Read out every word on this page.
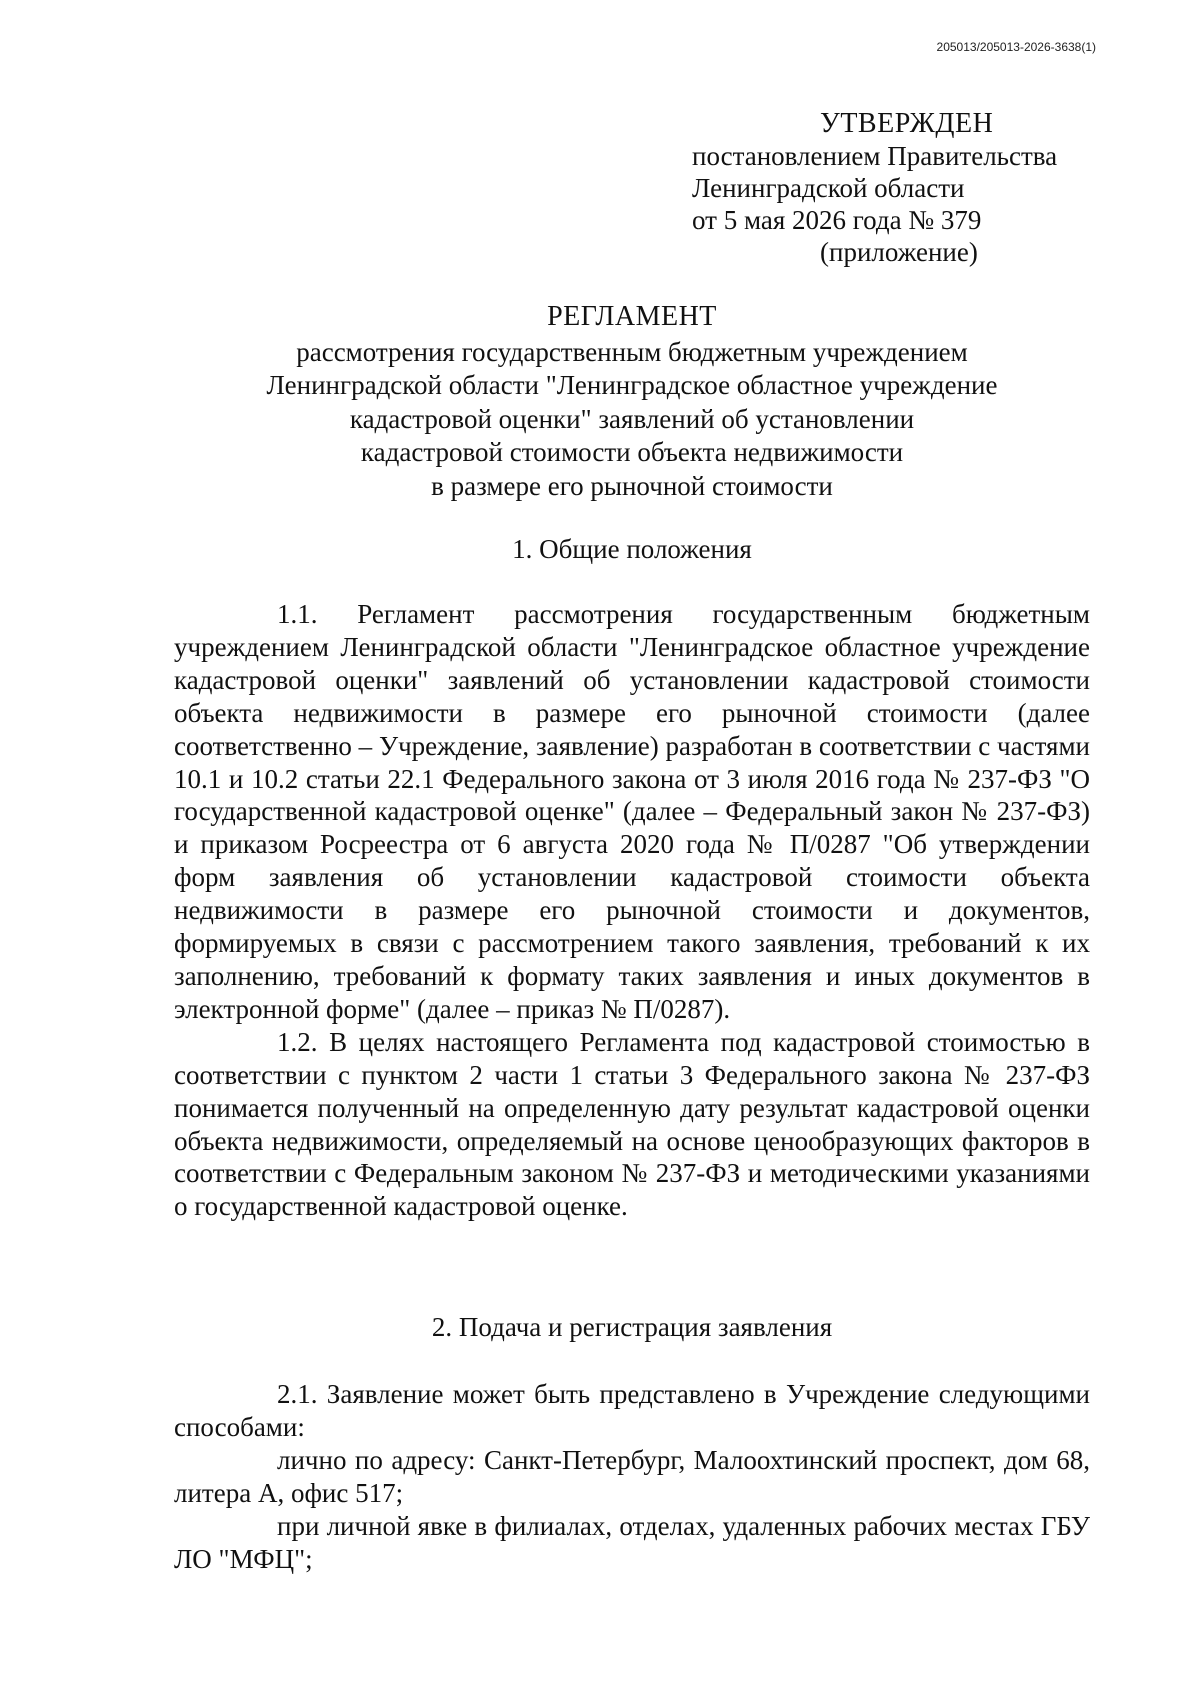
205013/205013-2026-3638(1)
УТВЕРЖДЕН
постановлением Правительства
Ленинградской области
от 5 мая 2026 года № 379
(приложение)
РЕГЛАМЕНТ
рассмотрения государственным бюджетным учреждением
Ленинградской области "Ленинградское областное учреждение
кадастровой оценки" заявлений об установлении
кадастровой стоимости объекта недвижимости
в размере его рыночной стоимости
1. Общие положения

1.1. Регламент рассмотрения государственным бюджетным учреждением Ленинградской области "Ленинградское областное учреждение кадастровой оценки" заявлений об установлении кадастровой стоимости объекта недвижимости в размере его рыночной стоимости (далее соответственно – Учреждение, заявление) разработан в соответствии с частями 10.1 и 10.2 статьи 22.1 Федерального закона от 3 июля 2016 года № 237-ФЗ "О государственной кадастровой оценке" (далее – Федеральный закон № 237-ФЗ) и приказом Росреестра от 6 августа 2020 года № П/0287 "Об утверждении форм заявления об установлении кадастровой стоимости объекта недвижимости в размере его рыночной стоимости и документов, формируемых в связи с рассмотрением такого заявления, требований к их заполнению, требований к формату таких заявления и иных документов в электронной форме" (далее – приказ № П/0287).

1.2. В целях настоящего Регламента под кадастровой стоимостью в соответствии с пунктом 2 части 1 статьи 3 Федерального закона № 237-ФЗ понимается полученный на определенную дату результат кадастровой оценки объекта недвижимости, определяемый на основе ценообразующих факторов в соответствии с Федеральным законом № 237-ФЗ и методическими указаниями о государственной кадастровой оценке.

2. Подача и регистрация заявления

2.1. Заявление может быть представлено в Учреждение следующими способами:

лично по адресу: Санкт-Петербург, Малоохтинский проспект, дом 68, литера А, офис 517;

при личной явке в филиалах, отделах, удаленных рабочих местах ГБУ ЛО "МФЦ";
